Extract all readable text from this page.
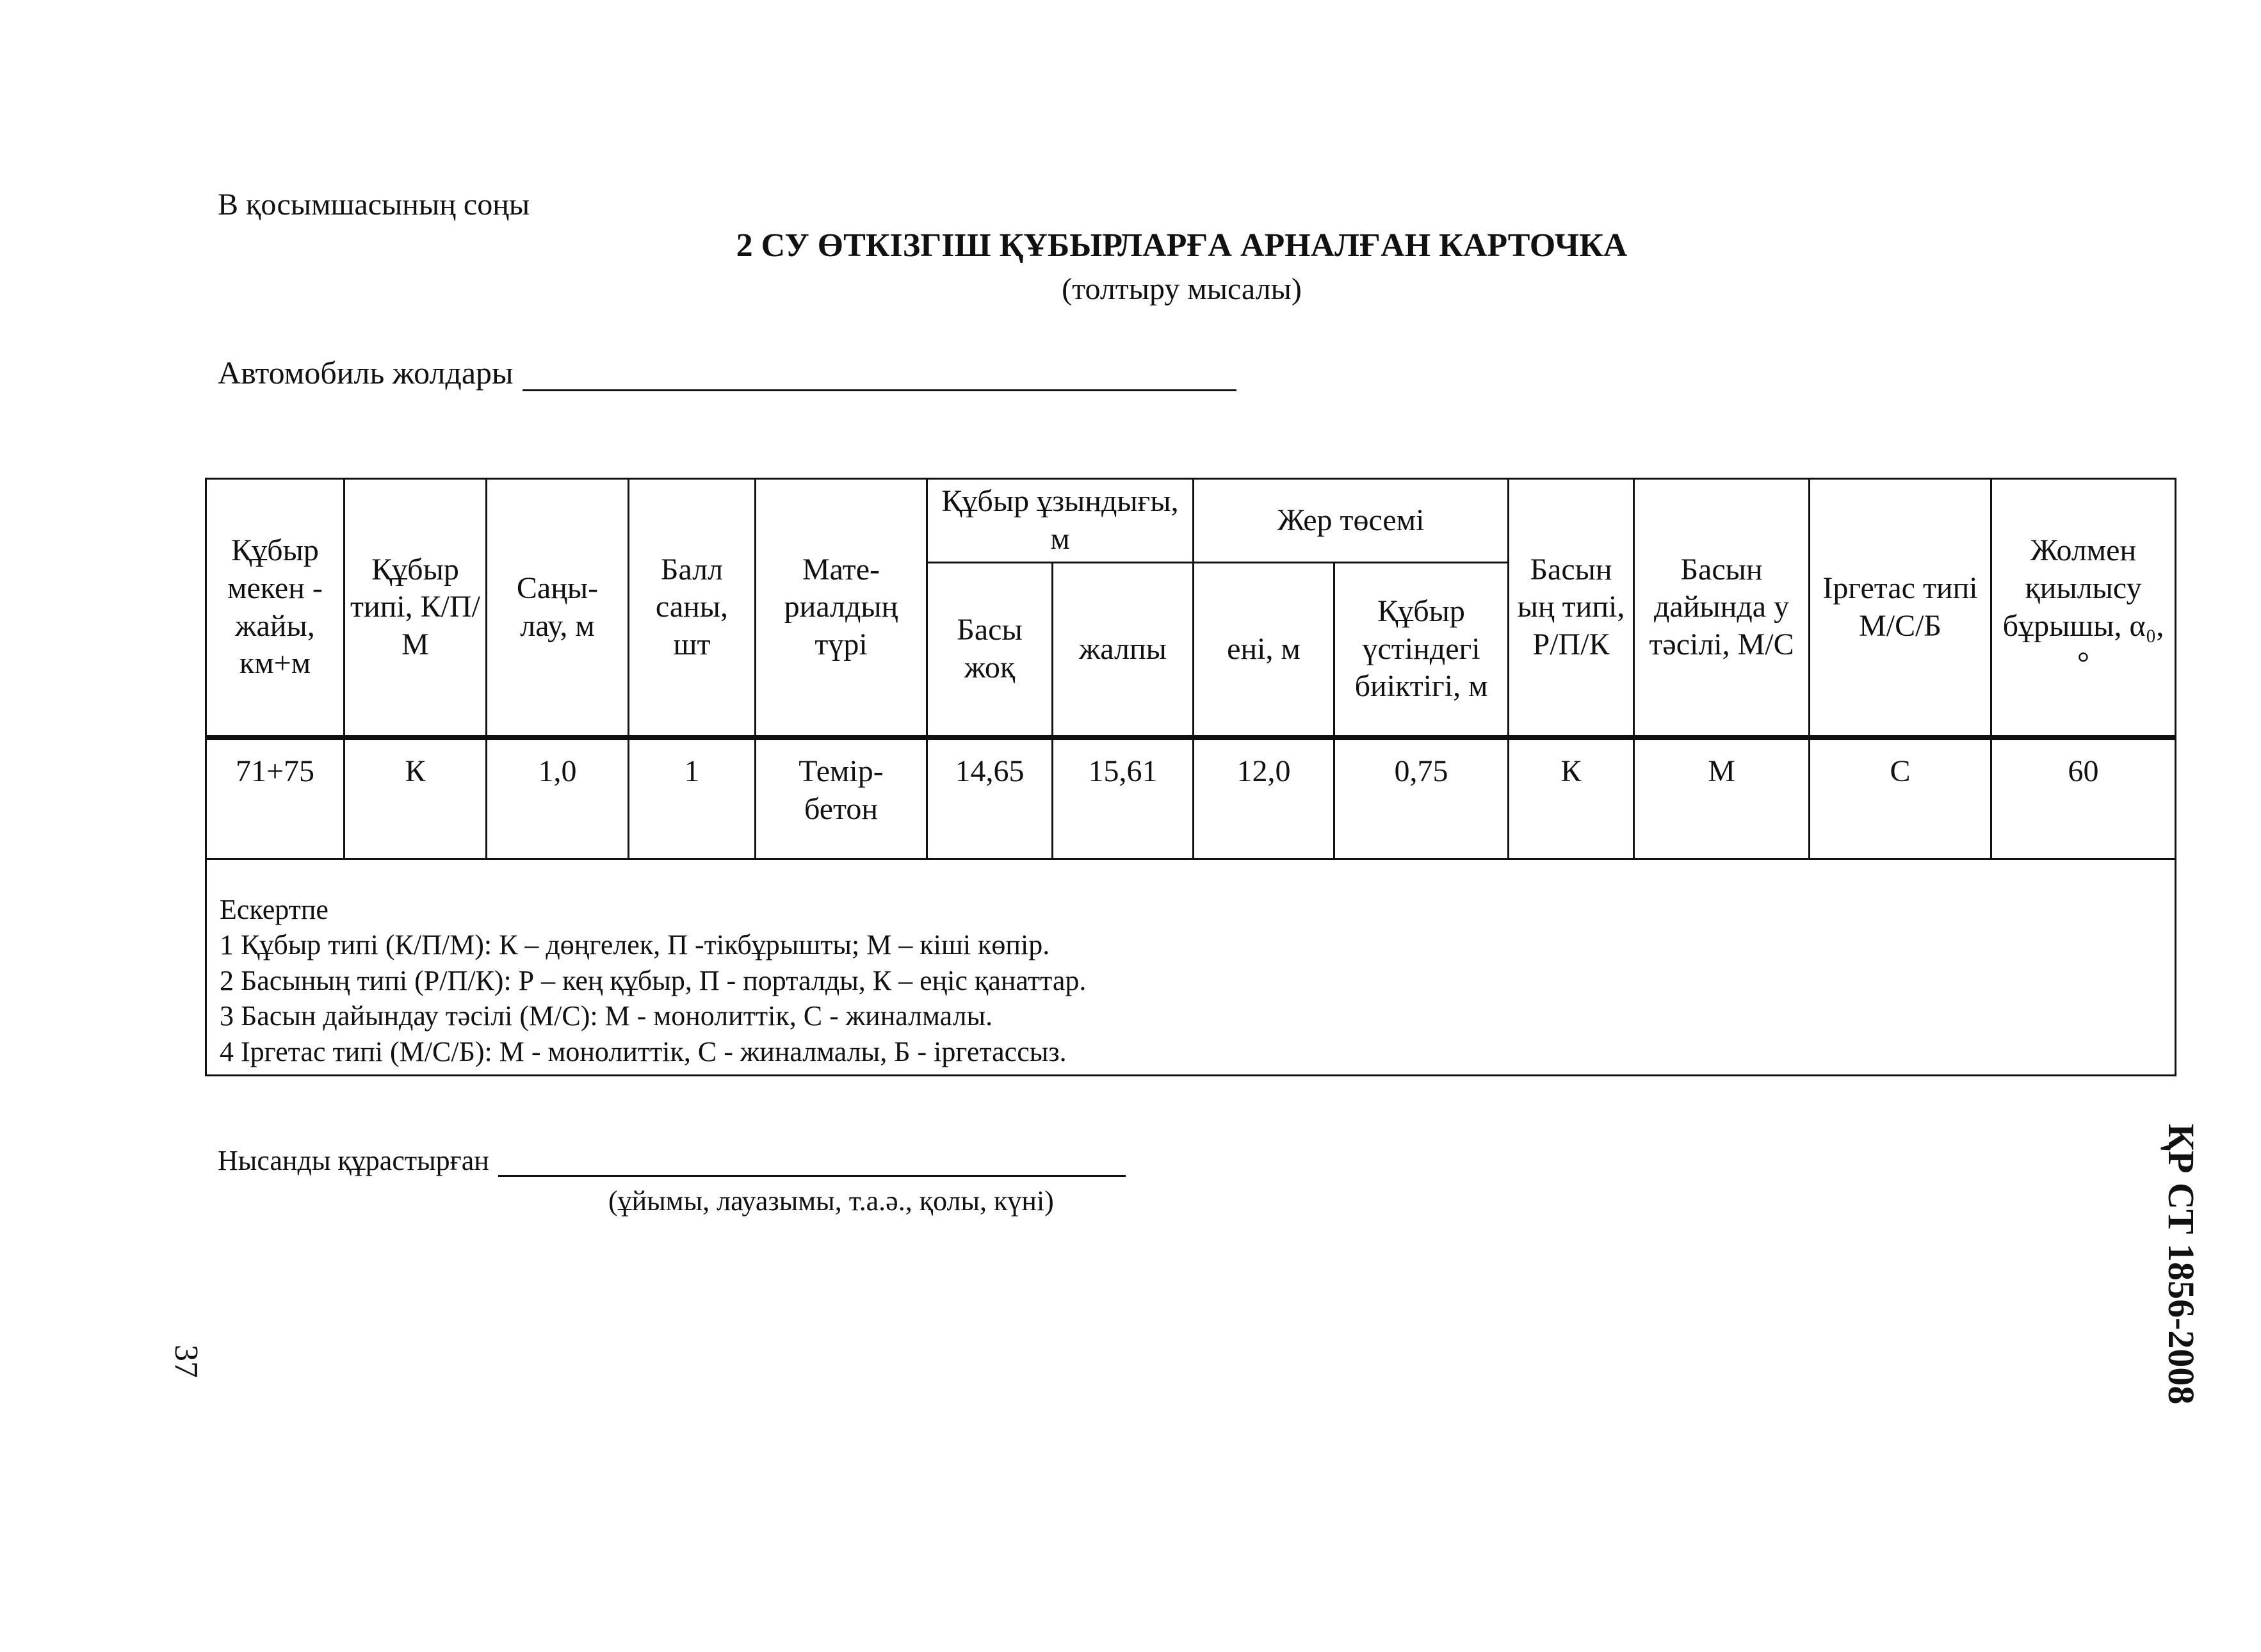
В қосымшасының соңы
2 СУ ӨТКІЗГІШ ҚҰБЫРЛАРҒА АРНАЛҒАН КАРТОЧКА
(толтыру мысалы)
Автомобиль жолдары
Құбыр мекен - жайы, км+м	Құбыр типі, К/П/М	Саңы- лау, м	Балл саны, шт	Мате- риалдың түрі	Құбыр ұзындығы, м		Жер төсемі		Басын ың типі, Р/П/К	Басын дайында у тәсілі, М/С	Іргетас типі М/С/Б	Жолмен қиылысу бұрышы, α₀, °
					Басы жоқ	жалпы	ені, м	Құбыр үстіндегі биіктігі, м				
71+75	К	1,0	1	Темір- бетон	14,65	15,61	12,0	0,75	К	М	С	60

Ескертпе
1 Құбыр типі (К/П/М): К – дөңгелек, П -тікбұрышты; М – кіші көпір.
2 Басының типі (Р/П/К): Р – кең құбыр, П - порталды, К – еңіс қанаттар.
3 Басын дайындау тәсілі (М/С): М - монолиттік, С - жиналмалы.
4 Іргетас типі (М/С/Б): М - монолиттік, С - жиналмалы, Б - іргетассыз.												
Нысанды құрастырған
(ұйымы, лауазымы, т.а.ә., қолы, күні)
37	ҚР СТ 1856-2008
